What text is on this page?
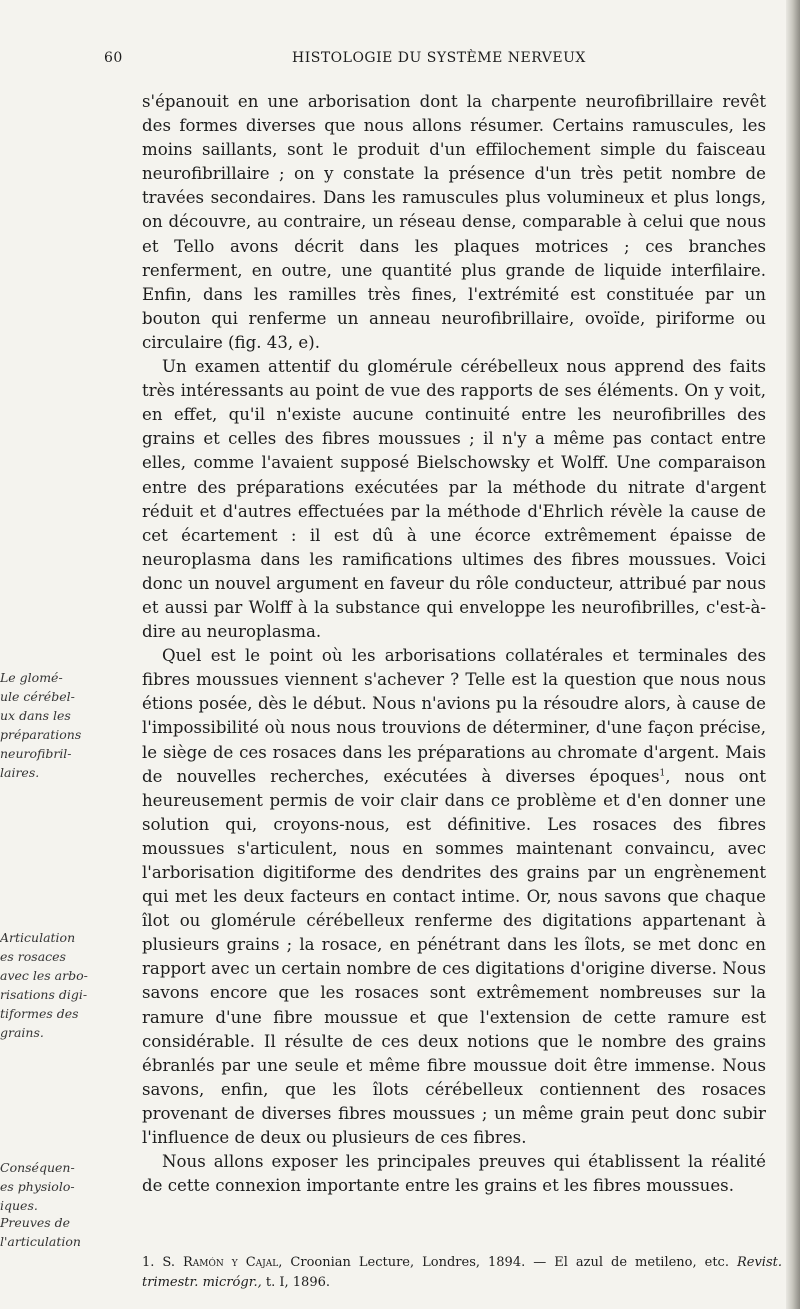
60	HISTOLOGIE DU SYSTÈME NERVEUX
Le glomé-
ule cérébel-
ux dans les
préparations
neurofibril-
laires.
Articulation
es rosaces
avec les arbo-
risations digi-
tiformes des
grains.
Conséquen-
es physiolo-
iques.
Preuves de
l'articulation

s'épanouit en une arborisation dont la charpente neurofibrillaire revêt des formes diverses que nous allons résumer. Certains ramuscules, les moins saillants, sont le produit d'un effilochement simple du faisceau neurofibrillaire ; on y constate la présence d'un très petit nombre de travées secondaires. Dans les ramuscules plus volumineux et plus longs, on découvre, au contraire, un réseau dense, comparable à celui que nous et Tello avons décrit dans les plaques motrices ; ces branches renferment, en outre, une quantité plus grande de liquide interfilaire. Enfin, dans les ramilles très fines, l'extrémité est constituée par un bouton qui renferme un anneau neurofibrillaire, ovoïde, piriforme ou circulaire (fig. 43, e).

Un examen attentif du glomérule cérébelleux nous apprend des faits très intéressants au point de vue des rapports de ses éléments. On y voit, en effet, qu'il n'existe aucune continuité entre les neurofibrilles des grains et celles des fibres moussues ; il n'y a même pas contact entre elles, comme l'avaient supposé Bielschowsky et Wolff. Une comparaison entre des préparations exécutées par la méthode du nitrate d'argent réduit et d'autres effectuées par la méthode d'Ehrlich révèle la cause de cet écartement : il est dû à une écorce extrêmement épaisse de neuroplasma dans les ramifications ultimes des fibres moussues. Voici donc un nouvel argument en faveur du rôle conducteur, attribué par nous et aussi par Wolff à la substance qui enveloppe les neurofibrilles, c'est-à-dire au neuroplasma.

Quel est le point où les arborisations collatérales et terminales des fibres moussues viennent s'achever ? Telle est la question que nous nous étions posée, dès le début. Nous n'avions pu la résoudre alors, à cause de l'impossibilité où nous nous trouvions de déterminer, d'une façon précise, le siège de ces rosaces dans les préparations au chromate d'argent. Mais de nouvelles recherches, exécutées à diverses époques$^1$, nous ont heureusement permis de voir clair dans ce problème et d'en donner une solution qui, croyons-nous, est définitive. Les rosaces des fibres moussues s'articulent, nous en sommes maintenant convaincu, avec l'arborisation digitiforme des dendrites des grains par un engrènement qui met les deux facteurs en contact intime. Or, nous savons que chaque îlot ou glomérule cérébelleux renferme des digitations appartenant à plusieurs grains ; la rosace, en pénétrant dans les îlots, se met donc en rapport avec un certain nombre de ces digitations d'origine diverse. Nous savons encore que les rosaces sont extrêmement nombreuses sur la ramure d'une fibre moussue et que l'extension de cette ramure est considérable. Il résulte de ces deux notions que le nombre des grains ébranlés par une seule et même fibre moussue doit être immense. Nous savons, enfin, que les îlots cérébelleux contiennent des rosaces provenant de diverses fibres moussues ; un même grain peut donc subir l'influence de deux ou plusieurs de ces fibres.

Nous allons exposer les principales preuves qui établissent la réalité de cette connexion importante entre les grains et les fibres moussues.

1. S. Ramón y Cajal, Croonian Lecture, Londres, 1894. — El azul de metileno, etc. Revist. trimestr. micrógr., t. I, 1896.
